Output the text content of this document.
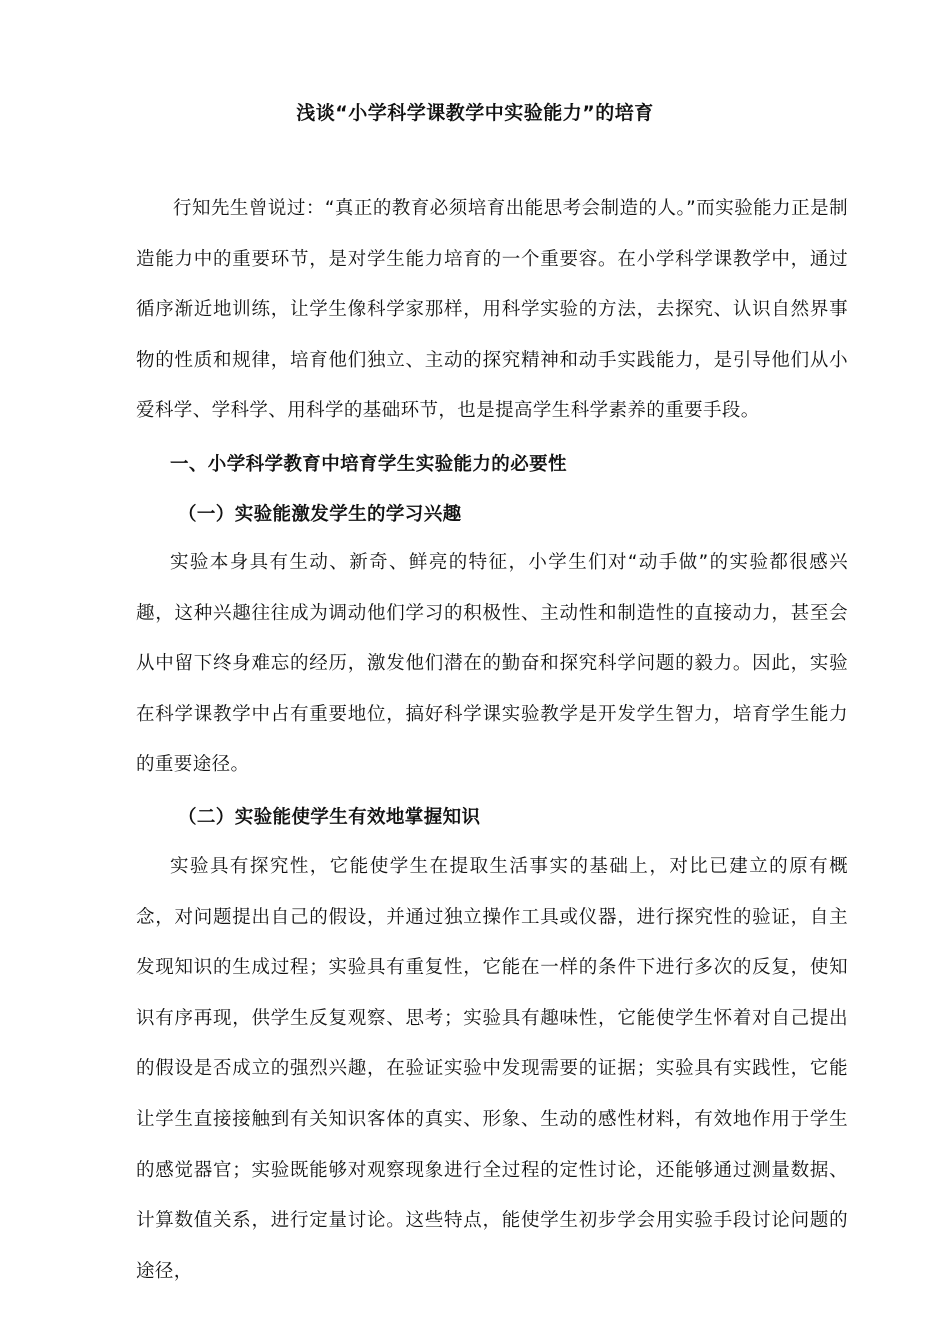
浅谈“小学科学课教学中实验能力”的培育

行知先生曾说过：“真正的教育必须培育出能思考会制造的人。”而实验能力正是制造能力中的重要环节，是对学生能力培育的一个重要容。在小学科学课教学中，通过循序渐近地训练，让学生像科学家那样，用科学实验的方法，去探究、认识自然界事物的性质和规律，培育他们独立、主动的探究精神和动手实践能力，是引导他们从小爱科学、学科学、用科学的基础环节，也是提高学生科学素养的重要手段。

一、小学科学教育中培育学生实验能力的必要性
（一）实验能激发学生的学习兴趣

实验本身具有生动、新奇、鲜亮的特征，小学生们对“动手做”的实验都很感兴趣，这种兴趣往往成为调动他们学习的积极性、主动性和制造性的直接动力，甚至会从中留下终身难忘的经历，激发他们潜在的勤奋和探究科学问题的毅力。因此，实验在科学课教学中占有重要地位，搞好科学课实验教学是开发学生智力，培育学生能力的重要途径。

（二）实验能使学生有效地掌握知识

实验具有探究性，它能使学生在提取生活事实的基础上，对比已建立的原有概念，对问题提出自己的假设，并通过独立操作工具或仪器，进行探究性的验证，自主发现知识的生成过程；实验具有重复性，它能在一样的条件下进行多次的反复，使知识有序再现，供学生反复观察、思考；实验具有趣味性，它能使学生怀着对自己提出的假设是否成立的强烈兴趣，在验证实验中发现需要的证据；实验具有实践性，它能让学生直接接触到有关知识客体的真实、形象、生动的感性材料，有效地作用于学生的感觉器官；实验既能够对观察现象进行全过程的定性讨论，还能够通过测量数据、计算数值关系，进行定量讨论。这些特点，能使学生初步学会用实验手段讨论问题的途径，
